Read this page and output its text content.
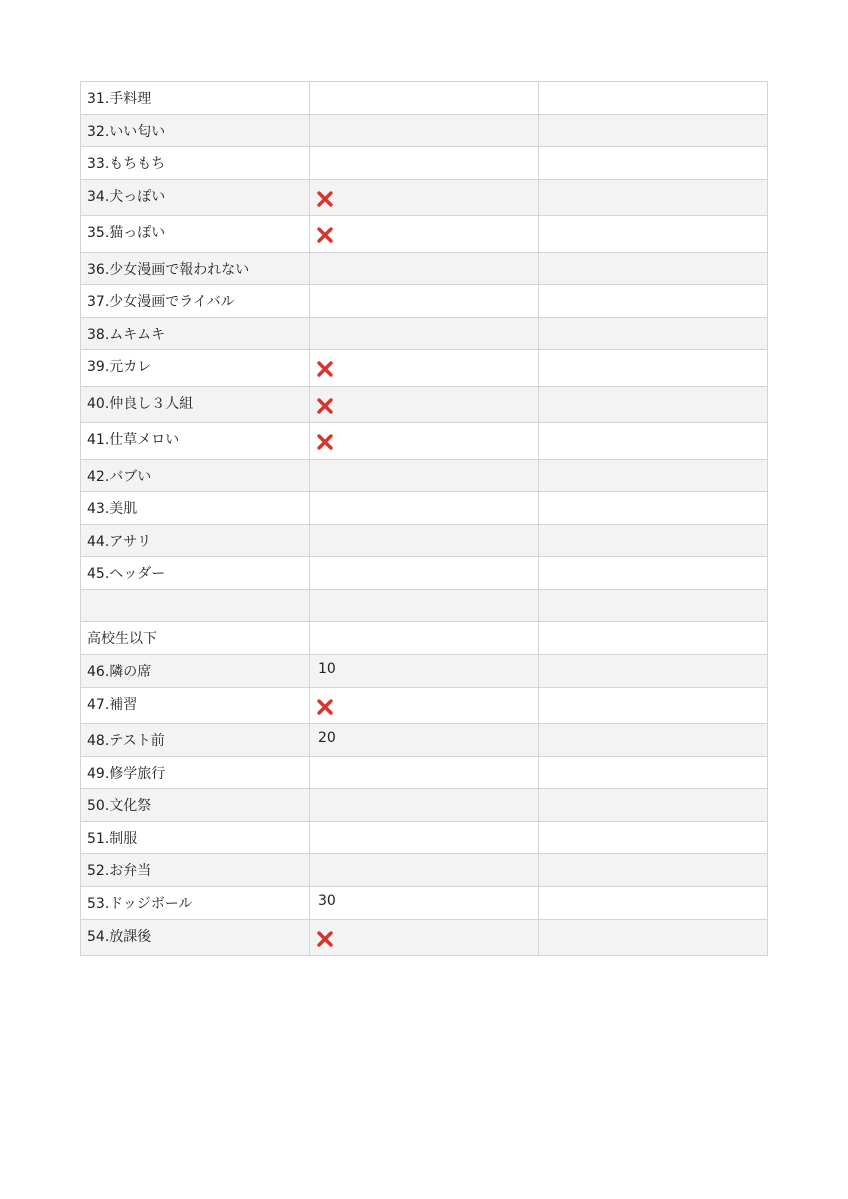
31.手料理		
32.いい匂い		
33.もちもち		
34.犬っぽい		
35.猫っぽい		
36.少女漫画で報われない		
37.少女漫画でライバル		
38.ムキムキ		
39.元カレ		
40.仲良し３人組		
41.仕草メロい		
42.バブい		
43.美肌		
44.アサリ		
45.ヘッダー		

高校生以下		
46.隣の席	10	
47.補習		
48.テスト前	20	
49.修学旅行		
50.文化祭		
51.制服		
52.お弁当		
53.ドッジボール	30	
54.放課後		
